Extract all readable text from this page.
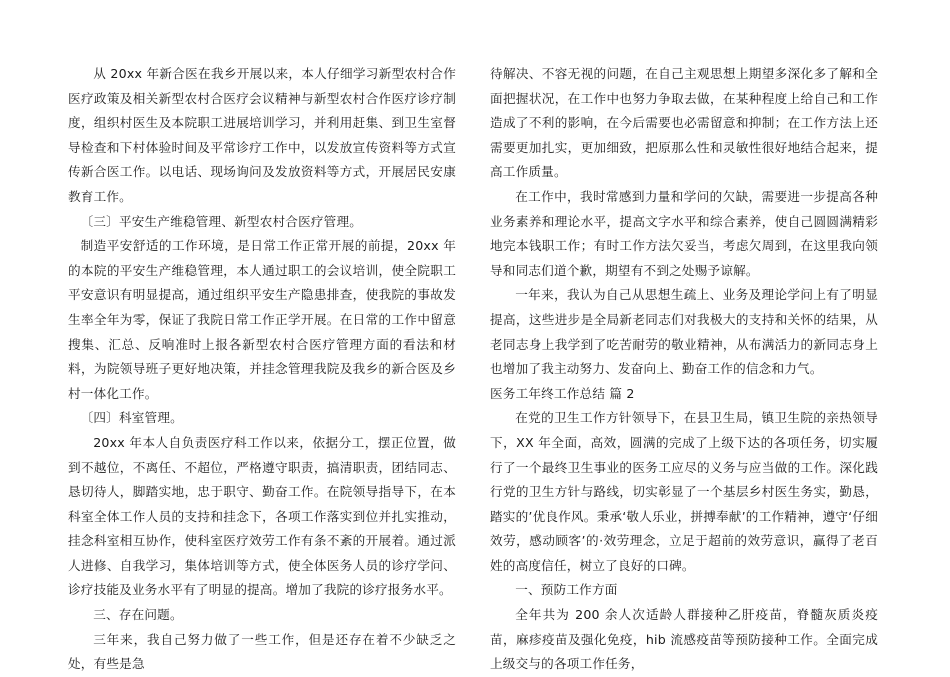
从 20xx 年新合医在我乡开展以来，本人仔细学习新型农村合作医疗政策及相关新型农村合医疗会议精神与新型农村合作医疗诊疗制度，组织村医生及本院职工进展培训学习，并利用赶集、到卫生室督导检查和下村体验时间及平常诊疗工作中，以发放宣传资料等方式宣传新合医工作。以电话、现场询问及发放资料等方式，开展居民安康教育工作。

〔三〕平安生产维稳管理、新型农村合医疗管理。

制造平安舒适的工作环境，是日常工作正常开展的前提，20xx 年的本院的平安生产维稳管理，本人通过职工的会议培训，使全院职工平安意识有明显提高，通过组织平安生产隐患排查，使我院的事故发生率全年为零，保证了我院日常工作正学开展。在日常的工作中留意搜集、汇总、反响准时上报各新型农村合医疗管理方面的看法和材料，为院领导班子更好地决策，并挂念管理我院及我乡的新合医及乡村一体化工作。

〔四〕科室管理。

20xx 年本人自负责医疗科工作以来，依据分工，摆正位置，做到不越位，不离任、不超位，严格遵守职责，搞清职责，团结同志、恳切待人，脚踏实地，忠于职守、勤奋工作。在院领导指导下，在本科室全体工作人员的支持和挂念下，各项工作落实到位并扎实推动，挂念科室相互协作，使科室医疗效劳工作有条不紊的开展着。通过派人进修、自我学习，集体培训等方式，使全体医务人员的诊疗学问、诊疗技能及业务水平有了明显的提高。增加了我院的诊疗报务水平。

三、存在问题。

三年来，我自己努力做了一些工作，但是还存在着不少缺乏之处，有些是急

待解决、不容无视的问题，在自己主观思想上期望多深化多了解和全面把握状况，在工作中也努力争取去做，在某种程度上给自己和工作造成了不利的影响，在今后需要也必需留意和抑制；在工作方法上还需要更加扎实，更加细致，把原那么性和灵敏性很好地结合起来，提高工作质量。

在工作中，我时常感到力量和学问的欠缺，需要进一步提高各种业务素养和理论水平，提高文字水平和综合素养，使自己圆圆满精彩地完本钱职工作；有时工作方法欠妥当，考虑欠周到，在这里我向领导和同志们道个歉，期望有不到之处赐予谅解。

一年来，我认为自己从思想生疏上、业务及理论学问上有了明显提高，这些进步是全局新老同志们对我极大的支持和关怀的结果，从老同志身上我学到了吃苦耐劳的敬业精神，从布满活力的新同志身上也增加了我主动努力、发奋向上、勤奋工作的信念和力气。

医务工年终工作总结 篇 2

在党的卫生工作方针领导下，在县卫生局，镇卫生院的亲热领导下，XX 年全面，高效，圆满的完成了上级下达的各项任务，切实履行了一个最终卫生事业的医务工应尽的义务与应当做的工作。深化践行党的卫生方针与路线，切实彰显了一个基层乡村医生务实，勤恳，踏实的’优良作风。秉承‘敬人乐业，拼搏奉献’的工作精神，遵守‘仔细效劳，感动顾客’的·效劳理念，立足于超前的效劳意识，赢得了老百姓的高度信任，树立了良好的口碑。

一、预防工作方面

全年共为 200 余人次适龄人群接种乙肝疫苗，脊髓灰质炎疫苗，麻疹疫苗及强化免疫，hib 流感疫苗等预防接种工作。全面完成上级交与的各项工作任务，
